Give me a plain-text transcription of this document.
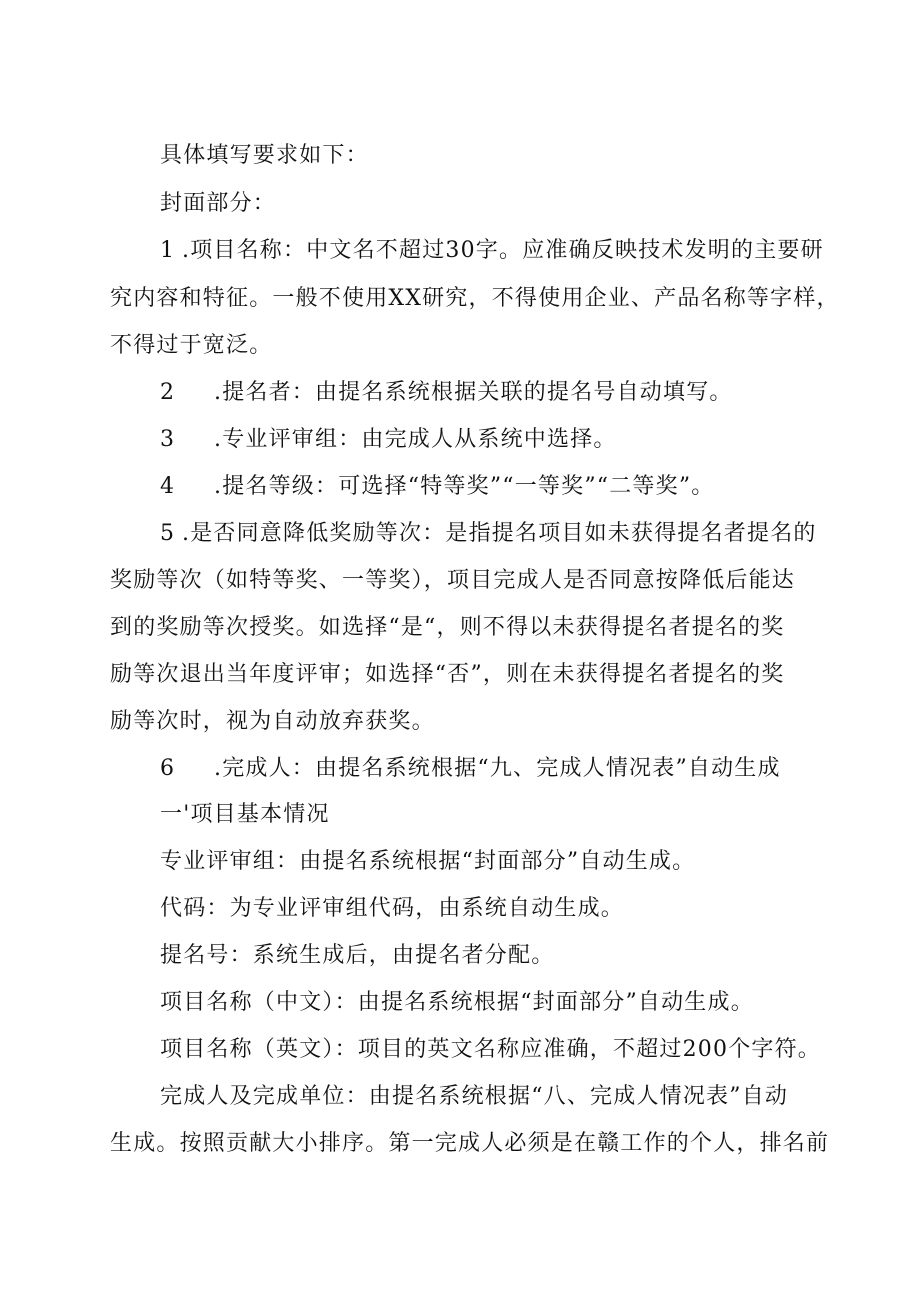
具体填写要求如下：
封面部分：
1 .项目名称：中文名不超过30字。应准确反映技术发明的主要研
究内容和特征。一般不使用XX研究，不得使用企业、产品名称等字样，
不得过于宽泛。
2 .提名者：由提名系统根据关联的提名号自动填写。
3 .专业评审组：由完成人从系统中选择。
4 .提名等级：可选择“特等奖”“一等奖”“二等奖”。
5 .是否同意降低奖励等次：是指提名项目如未获得提名者提名的
奖励等次（如特等奖、一等奖），项目完成人是否同意按降低后能达
到的奖励等次授奖。如选择“是“，则不得以未获得提名者提名的奖
励等次退出当年度评审；如选择“否”，则在未获得提名者提名的奖
励等次时，视为自动放弃获奖。
6 .完成人：由提名系统根据“九、完成人情况表”自动生成
一'项目基本情况
专业评审组：由提名系统根据“封面部分”自动生成。
代码：为专业评审组代码，由系统自动生成。
提名号：系统生成后，由提名者分配。
项目名称（中文）：由提名系统根据“封面部分”自动生成。
项目名称（英文）：项目的英文名称应准确，不超过200个字符。
完成人及完成单位：由提名系统根据“八、完成人情况表”自动
生成。按照贡献大小排序。第一完成人必须是在赣工作的个人，排名前
